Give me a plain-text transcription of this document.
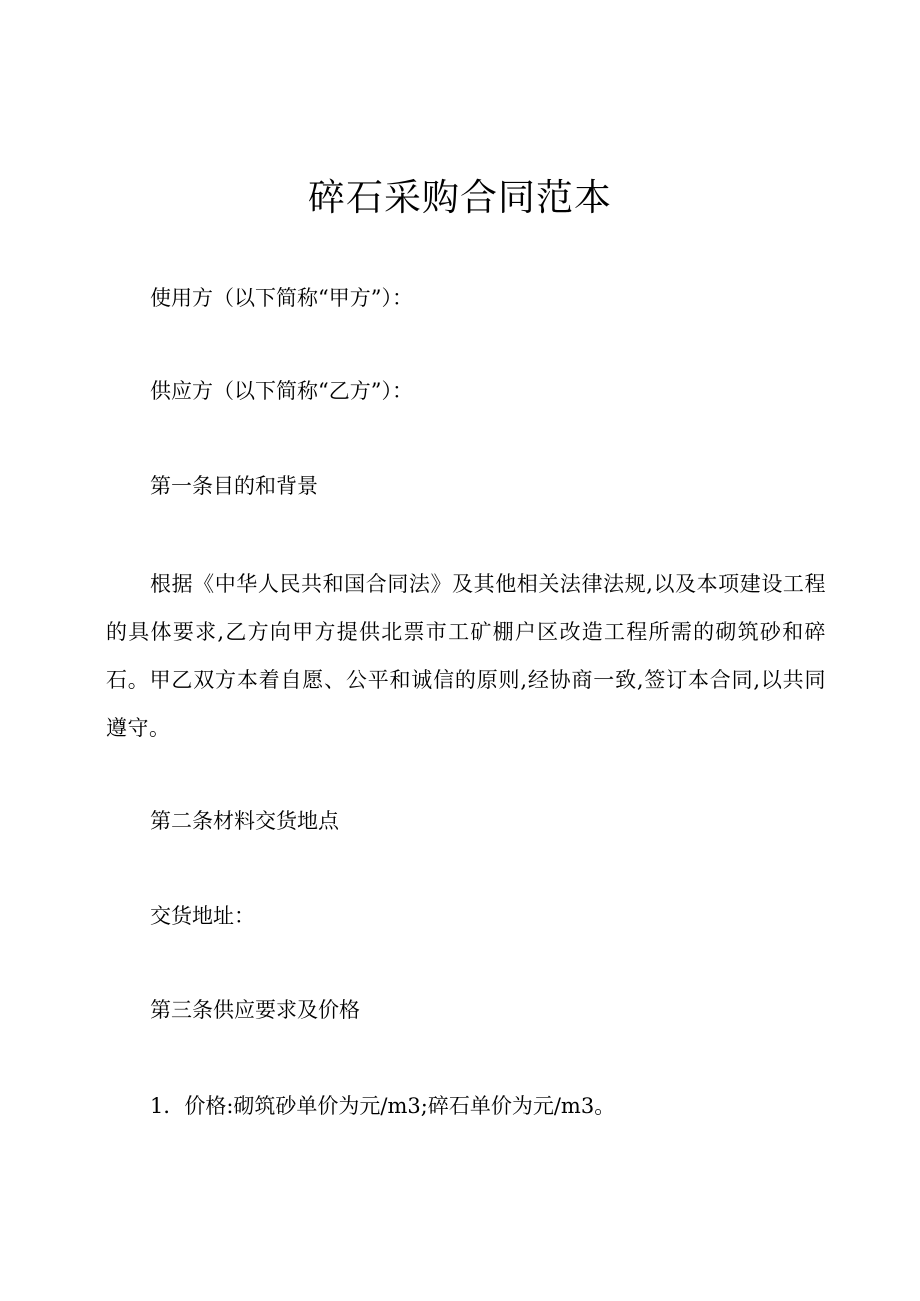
碎石采购合同范本
使用方（以下简称“甲方”）：
供应方（以下简称“乙方”）：
第一条目的和背景
根据《中华人民共和国合同法》及其他相关法律法规,以及本项建设工程的具体要求,乙方向甲方提供北票市工矿棚户区改造工程所需的砌筑砂和碎石。甲乙双方本着自愿、公平和诚信的原则,经协商一致,签订本合同,以共同遵守。
第二条材料交货地点
交货地址：
第三条供应要求及价格
1．价格:砌筑砂单价为元/m3;碎石单价为元/m3。
